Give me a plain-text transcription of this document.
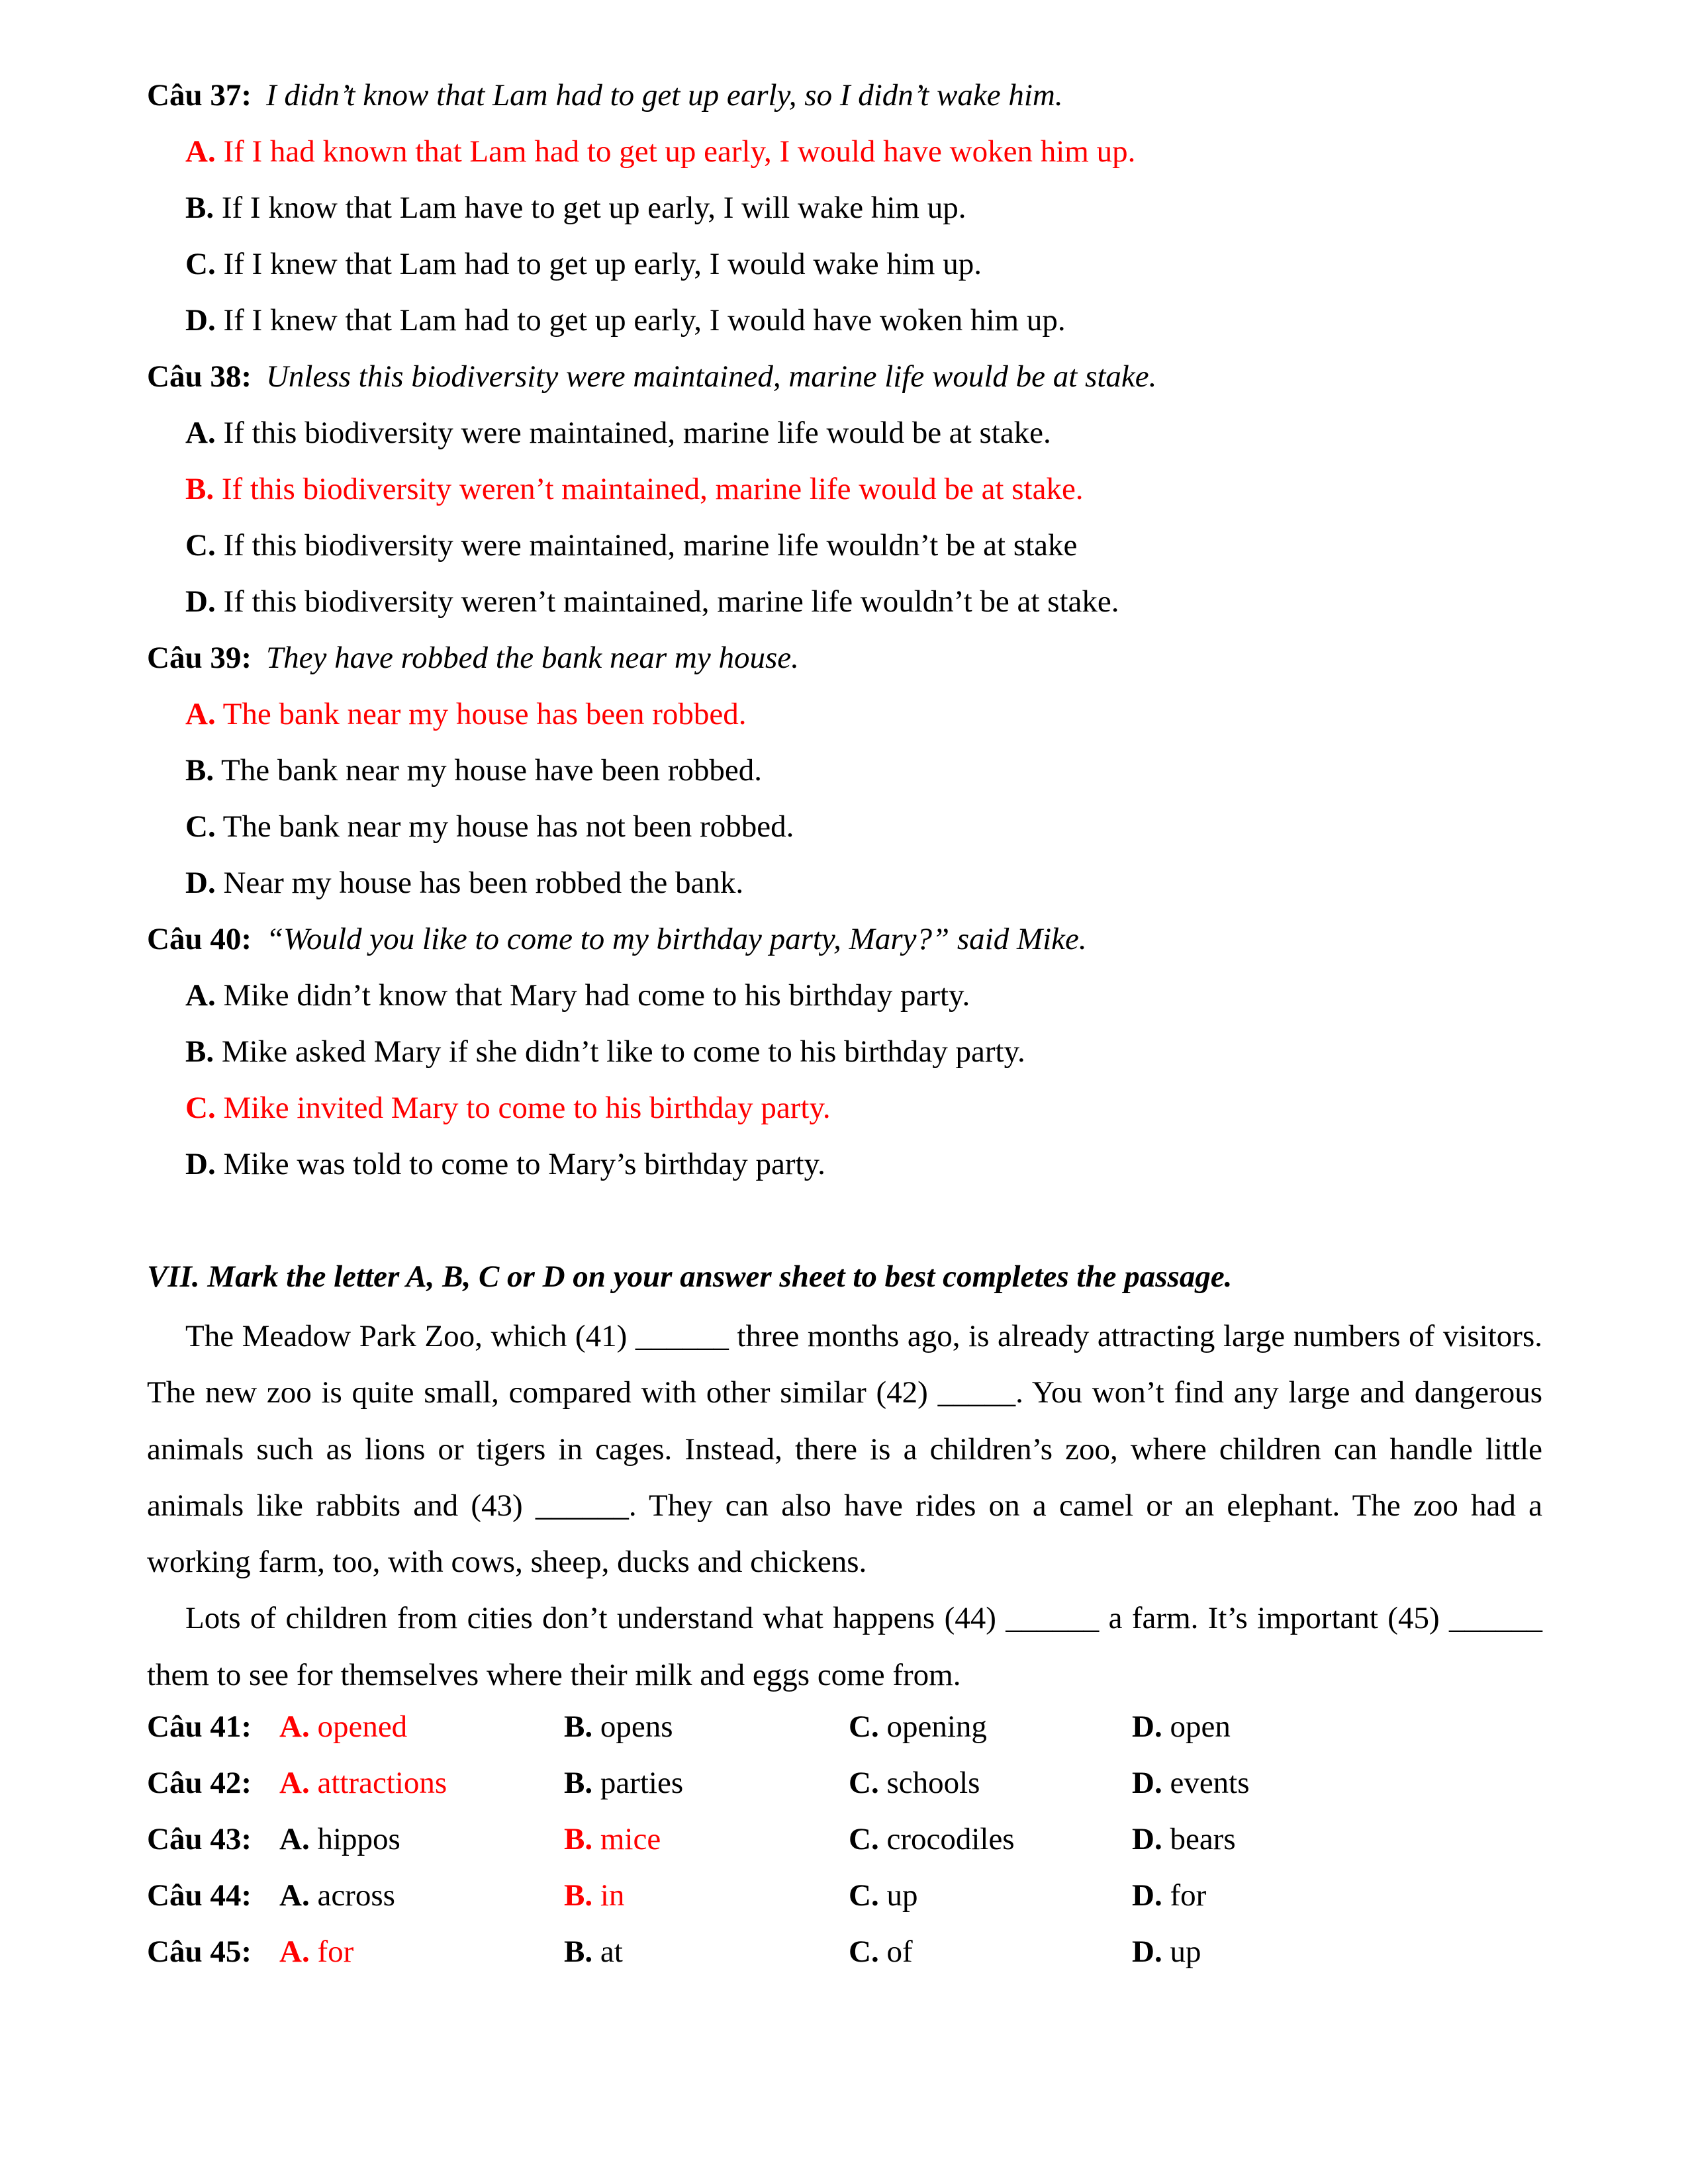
Câu 37: I didn’t know that Lam had to get up early, so I didn’t wake him.
A. If I had known that Lam had to get up early, I would have woken him up.
B. If I know that Lam have to get up early, I will wake him up.
C. If I knew that Lam had to get up early, I would wake him up.
D. If I knew that Lam had to get up early, I would have woken him up.
Câu 38: Unless this biodiversity were maintained, marine life would be at stake.
A. If this biodiversity were maintained, marine life would be at stake.
B. If this biodiversity weren’t maintained, marine life would be at stake.
C. If this biodiversity were maintained, marine life wouldn’t be at stake
D. If this biodiversity weren’t maintained, marine life wouldn’t be at stake.
Câu 39: They have robbed the bank near my house.
A. The bank near my house has been robbed.
B. The bank near my house have been robbed.
C. The bank near my house has not been robbed.
D. Near my house has been robbed the bank.
Câu 40: “Would you like to come to my birthday party, Mary?” said Mike.
A. Mike didn’t know that Mary had come to his birthday party.
B. Mike asked Mary if she didn’t like to come to his birthday party.
C. Mike invited Mary to come to his birthday party.
D. Mike was told to come to Mary’s birthday party.
VII. Mark the letter A, B, C or D on your answer sheet to best completes the passage.

The Meadow Park Zoo, which (41) ______ three months ago, is already attracting large numbers of visitors. The new zoo is quite small, compared with other similar (42) _____. You won’t find any large and dangerous animals such as lions or tigers in cages. Instead, there is a children’s zoo, where children can handle little animals like rabbits and (43) ______. They can also have rides on a camel or an elephant. The zoo had a working farm, too, with cows, sheep, ducks and chickens.

Lots of children from cities don’t understand what happens (44) ______ a farm. It’s important (45) ______ them to see for themselves where their milk and eggs come from.

Câu 41: A. opened	B. opens	C. opening	D. open
Câu 42: A. attractions	B. parties	C. schools	D. events
Câu 43: A. hippos	B. mice	C. crocodiles	D. bears
Câu 44: A. across	B. in	C. up	D. for
Câu 45: A. for	B. at	C. of	D. up
